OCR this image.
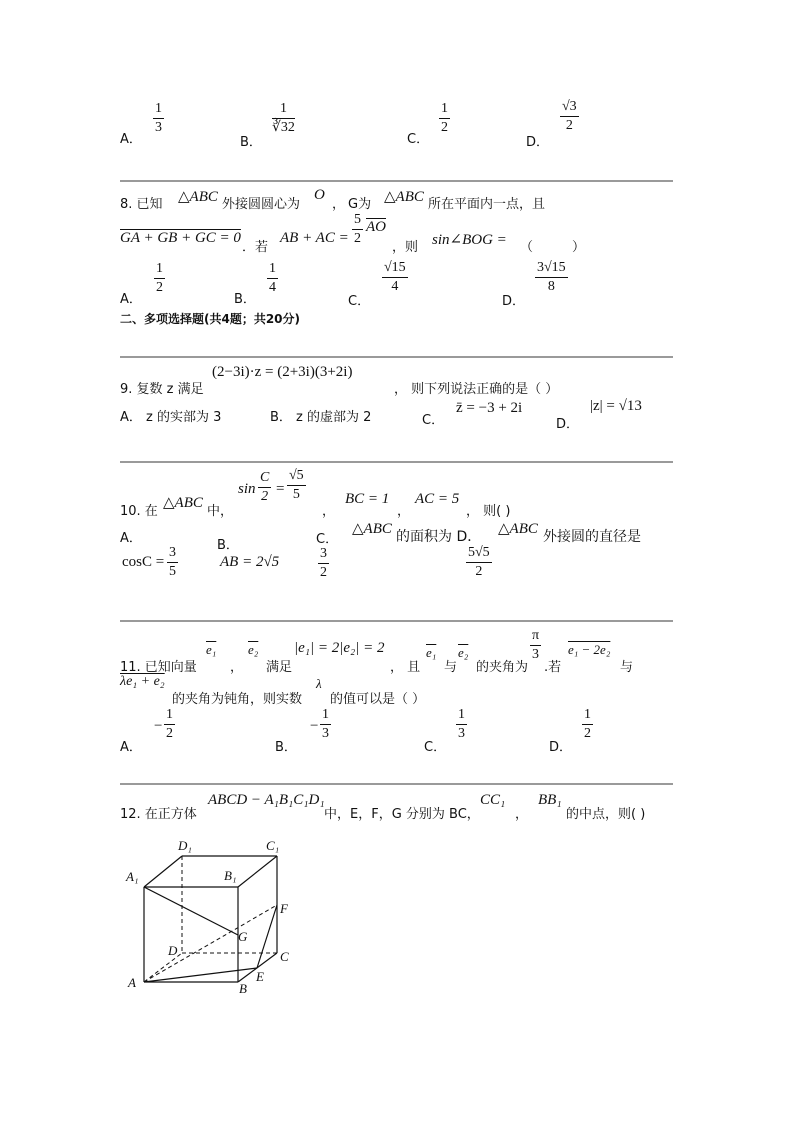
A．
1
3
B．
1
∛32
C．
1
2
D．
√3
2
8. 已知 △ABC 外接圆圆心为
O
， G为 △ABC 所在平面内一点，且
GA + GB + GC = 0
．若
AB + AC =
5
2
$\overline{AO}$
，则 sin∠BOG = （　　　）
A．
1
2
B．
1
4
C．
√15
4
D．
3√15
8
二、多项选择题(共4题；共20分)
9. 复数 z 满足
(2−3i)·z = (2+3i)(3+2i)
， 则下列说法正确的是（ ）
A． z 的实部为 3	B． z 的虚部为 2	C．
z̄ = −3 + 2i
D．
|z| = √13
10. 在
△ABC
中，
sin
C
2 =
√5
5
，
BC = 1
，
AC = 5
， 则( )
A．
cosC =
3
5
B．
AB = 2√5
C．
△ABC 的面积为 D．
3
2
△ABC 外接圆的直径是
5√5
2
11. 已知向量
e₁
，
e₂
满足
|e₁| = 2|e₂| = 2
， 且
e₁
与
e₂
的夹角为
π
3
.若
e₁ − 2e₂
与
λe₁ + e₂
的夹角为钝角，则实数
λ
的值可以是（ ）
A．
−
1
2
B．
−
1
3
C．
1
3
D．
1
2
12. 在正方体
ABCD − A₁B₁C₁D₁
中，E，F，G 分别为 BC，
CC₁
，
BB₁
的中点，则( )
D₁	C₁
A₁	B₁
F
G
D	C
A	B
E
